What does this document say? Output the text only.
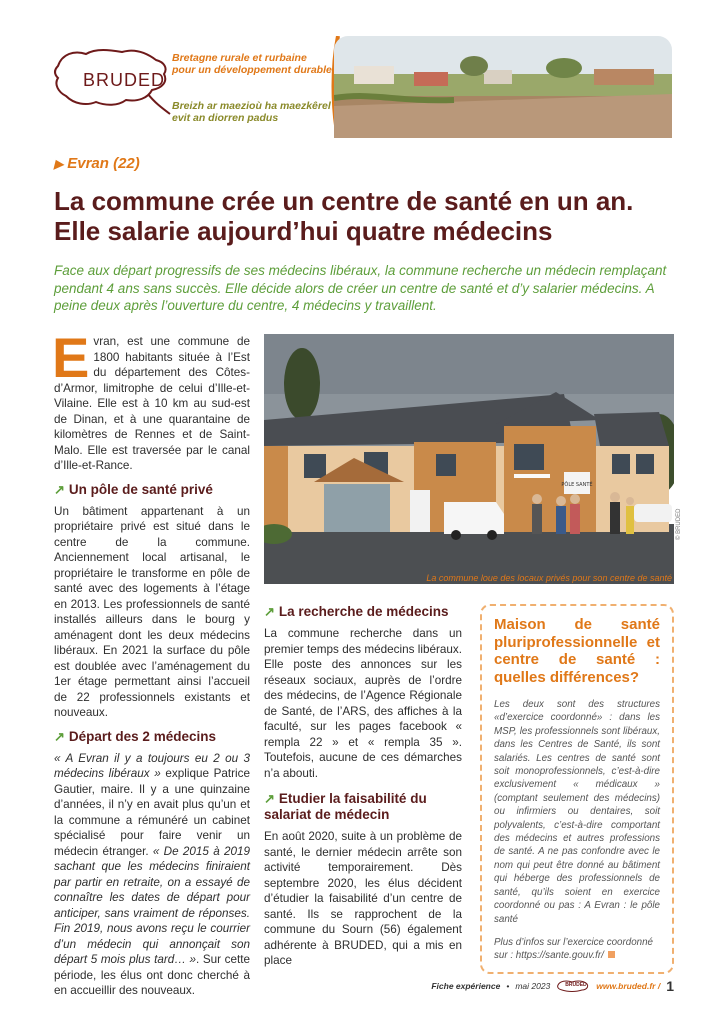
BRUDED
Bretagne rurale et rurbaine pour un développement durable
Breizh ar maezioù ha maezkêrel evit an diorren padus
▶ Evran (22)
La commune crée un centre de santé en un an. Elle salarie aujourd’hui quatre médecins

Face aux départ progressifs de ses médecins libéraux, la commune recherche un médecin remplaçant pendant 4 ans sans succès. Elle décide alors de créer un centre de santé et d’y salarier médecins. A peine deux après l’ouverture du centre, 4 médecins y travaillent.

Evran, est une commune de 1800 habitants située à l’Est du département des Côtes-d’Armor, limitrophe de celui d’Ille-et-Vilaine. Elle est à 10 km au sud-est de Dinan, et à une quarantaine de kilomètres de Rennes et de Saint-Malo. Elle est traversée par le canal d’Ille-et-Rance.

↗ Un pôle de santé privé

Un bâtiment appartenant à un propriétaire privé est situé dans le centre de la commune. Anciennement local artisanal, le propriétaire le transforme en pôle de santé avec des logements à l’étage en 2013. Les professionnels de santé installés ailleurs dans le bourg y aménagent dont les deux médecins libéraux. En 2021 la surface du pôle est doublée avec l’aménagement du 1er étage permettant ainsi l’accueil de 22 professionnels existants et nouveaux.

↗ Départ des 2 médecins

« A Evran il y a toujours eu 2 ou 3 médecins libéraux » explique Patrice Gautier, maire. Il y a une quinzaine d’années, il n’y en avait plus qu’un et la commune a rémunéré un cabinet spécialisé pour faire venir un médecin étranger. « De 2015 à 2019 sachant que les médecins finiraient par partir en retraite, on a essayé de connaître les dates de départ pour anticiper, sans vraiment de réponses. Fin 2019, nous avons reçu le courrier d’un médecin qui annonçait son départ 5 mois plus tard… ». Sur cette période, les élus ont donc cherché à en accueillir des nouveaux.

PÔLE SANTÉ
La commune loue des locaux privés pour son centre de santé
© BRUDED
↗ La recherche de médecins

La commune recherche dans un premier temps des médecins libéraux. Elle poste des annonces sur les réseaux sociaux, auprès de l’ordre des médecins, de l’Agence Régionale de Santé, de l’ARS, des affiches à la faculté, sur les pages facebook « rempla 22 » et « rempla 35 ». Toutefois, aucune de ces démarches n’a abouti.

↗ Etudier la faisabilité du salariat de médecin

En août 2020, suite à un problème de santé, le dernier médecin arrête son activité temporairement. Dès septembre 2020, les élus décident d’étudier la faisabilité d’un centre de santé. Ils se rapprochent de la commune du Sourn (56) également adhérente à BRUDED, qui a mis en place

Maison de santé pluriprofessionnelle et centre de santé : quelles différences?

Les deux sont des structures «d’exercice coordonné» : dans les MSP, les professionnels sont libéraux, dans les Centres de Santé, ils sont salariés. Les centres de santé sont soit monoprofessionnels, c’est-à-dire exclusivement « médicaux » (comptant seulement des médecins) ou infirmiers ou dentaires, soit polyvalents, c’est-à-dire comportant des médecins et autres professions de santé. A ne pas confondre avec le nom qui peut être donné au bâtiment qui héberge des professionnels de santé, qu’ils soient en exercice coordonné ou pas : A Evran : le pôle santé

Plus d’infos sur l’exercice coordonné sur : https://sante.gouv.fr/

Fiche expérience • mai 2023	BRUDED www.bruded.fr / 1
